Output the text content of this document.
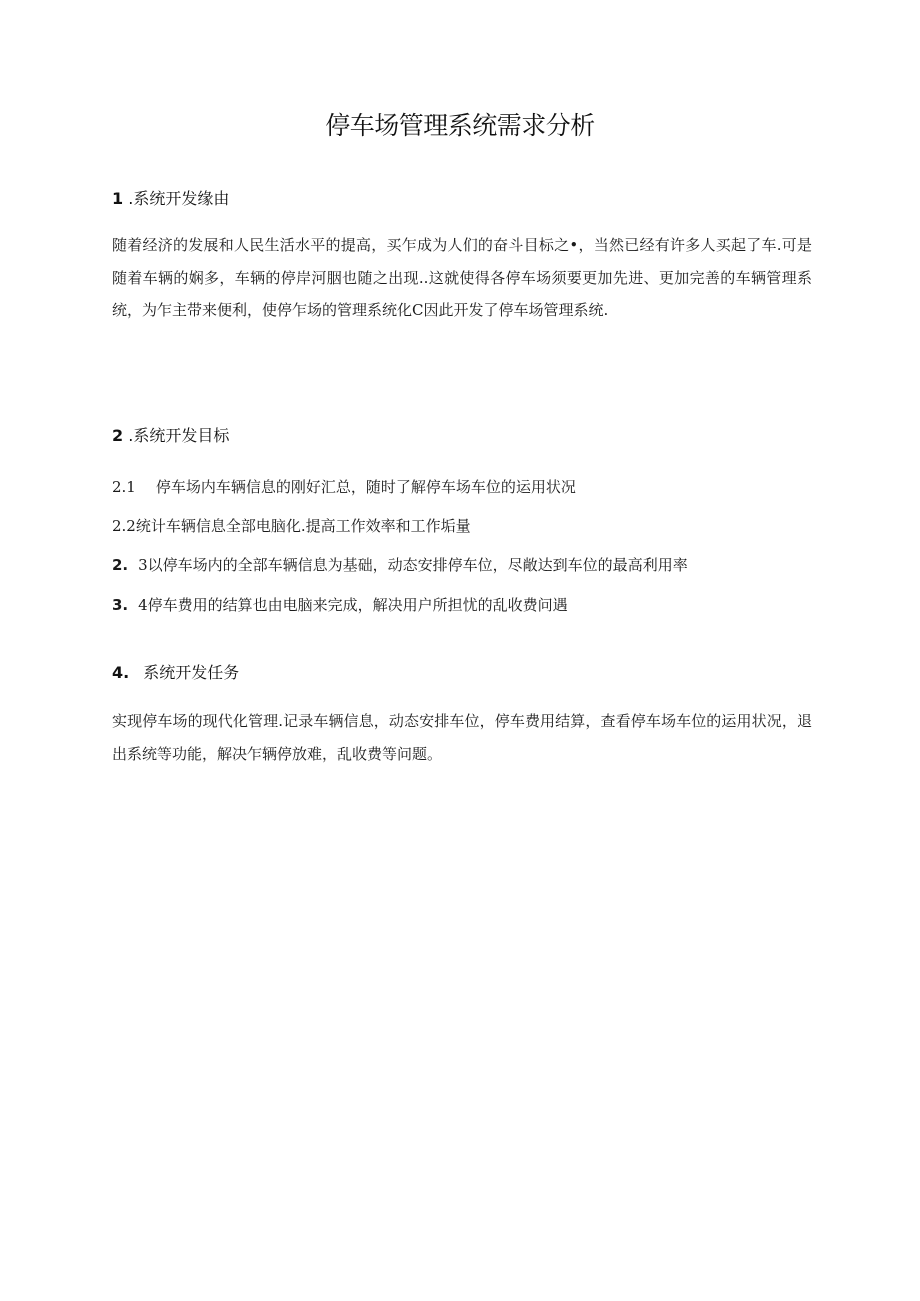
停车场管理系统需求分析
1 .系统开发缘由

随着经济的发展和人民生活水平的提高，买乍成为人们的奋斗目标之•，当然已经有许多人买起了车.可是随着车辆的娴多，车辆的停岸河胭也随之出现..这就使得各停车场须要更加先进、更加完善的车辆管理系统，为乍主带来便利，使停乍场的管理系统化C因此开发了停车场管理系统.

2 .系统开发目标

2.1 停车场内车辆信息的刚好汇总，随时了解停车场车位的运用状况

2.2统计车辆信息全部电脑化.提高工作效率和工作垢量

2. 3以停车场内的全部车辆信息为基础，动态安排停车位，尽敞达到车位的最高利用率

3. 4停车费用的结算也由电脑来完成，解决用户所担忧的乱收费问遇

4. 系统开发任务

实现停车场的现代化管理.记录车辆信息，动态安排车位，停车费用结算，查看停车场车位的运用状况，退出系统等功能，解决乍辆停放难，乱收费等问题。
